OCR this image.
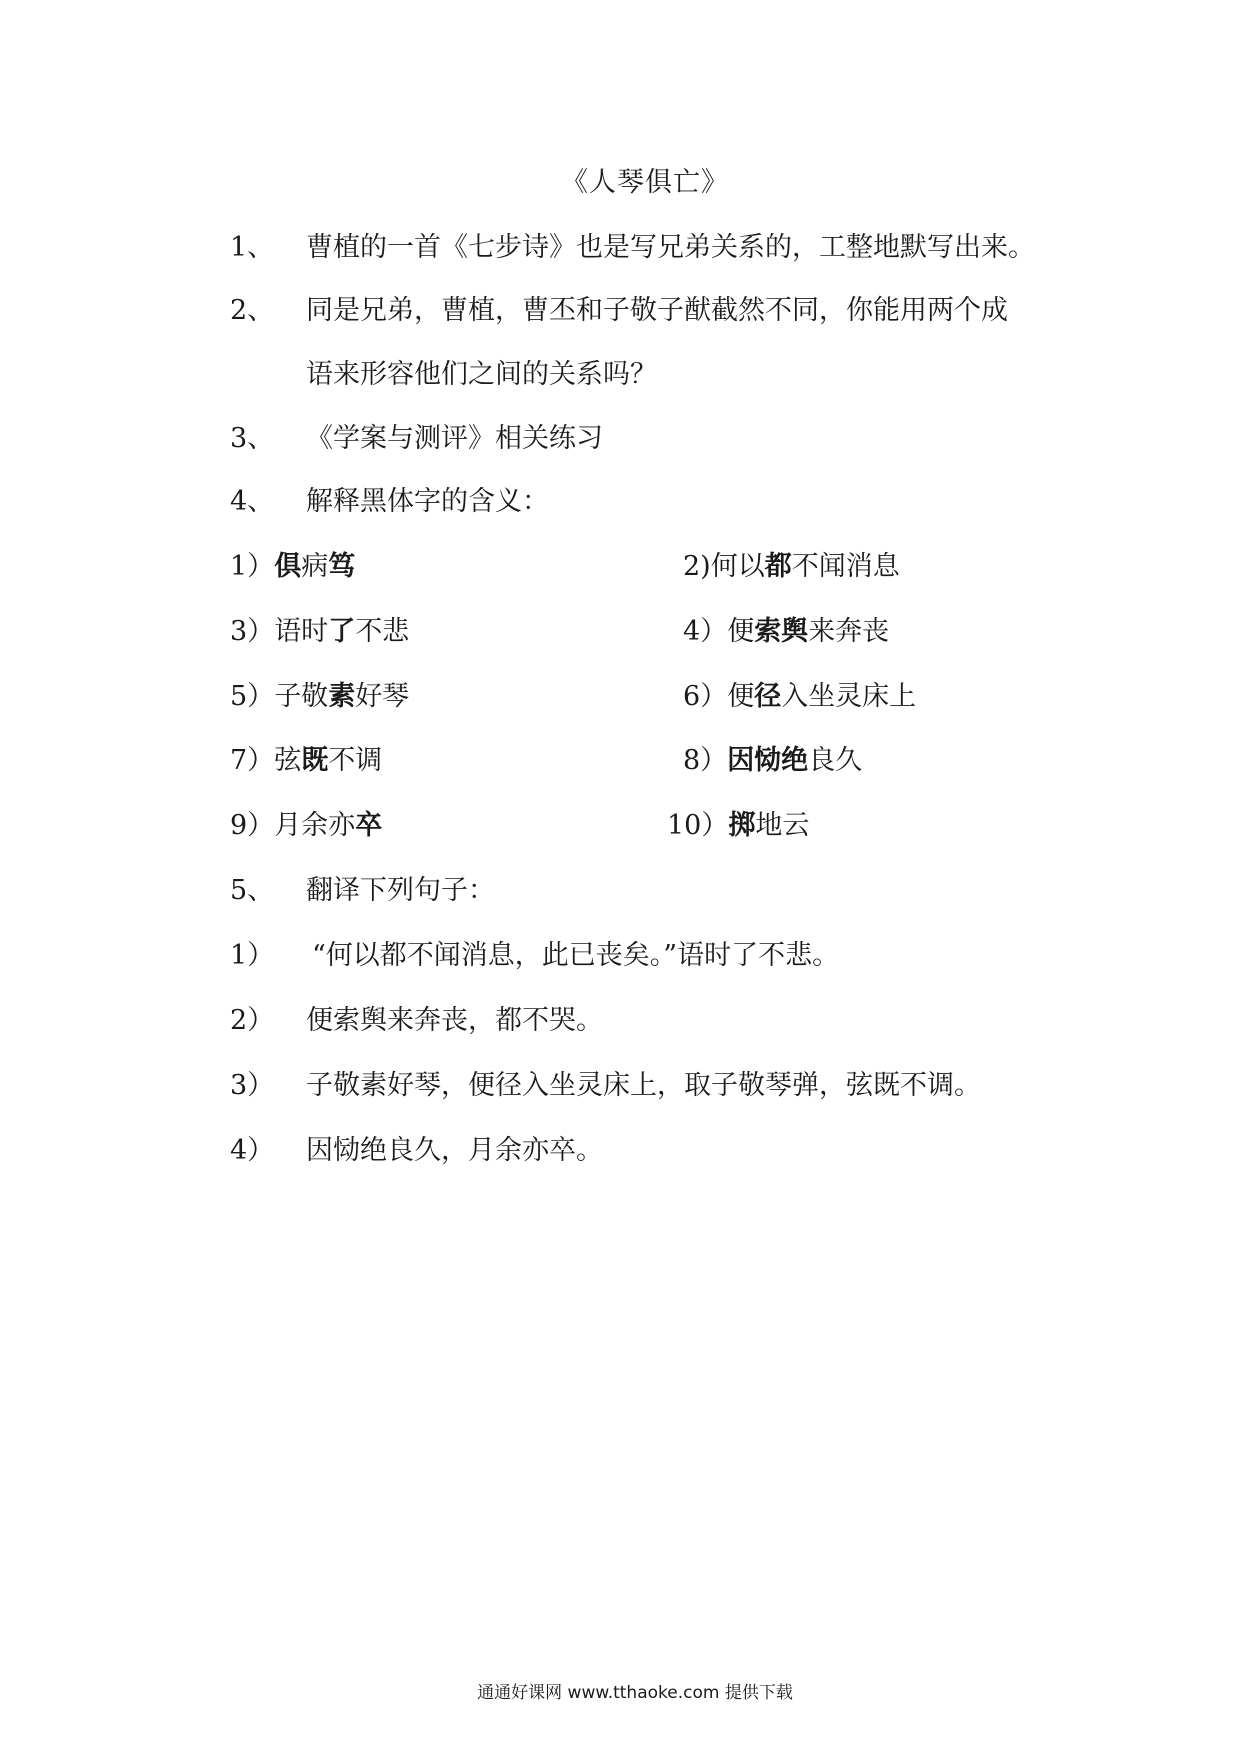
《人琴俱亡》
1、 曹植的一首《七步诗》也是写兄弟关系的，工整地默写出来。
2、 同是兄弟，曹植，曹丕和子敬子猷截然不同，你能用两个成
语来形容他们之间的关系吗？
3、 《学案与测评》相关练习
4、 解释黑体字的含义：
1）俱病笃	2)何以都不闻消息
3）语时了不悲	4）便索舆来奔丧
5）子敬素好琴	6）便径入坐灵床上
7）弦既不调	8）因恸绝良久
9）月余亦卒	10）掷地云
5、 翻译下列句子：
1） “何以都不闻消息，此已丧矣。”语时了不悲。
2） 便索舆来奔丧，都不哭。
3） 子敬素好琴，便径入坐灵床上，取子敬琴弹，弦既不调。
4） 因恸绝良久，月余亦卒。
通通好课网 www.tthaoke.com 提供下载
